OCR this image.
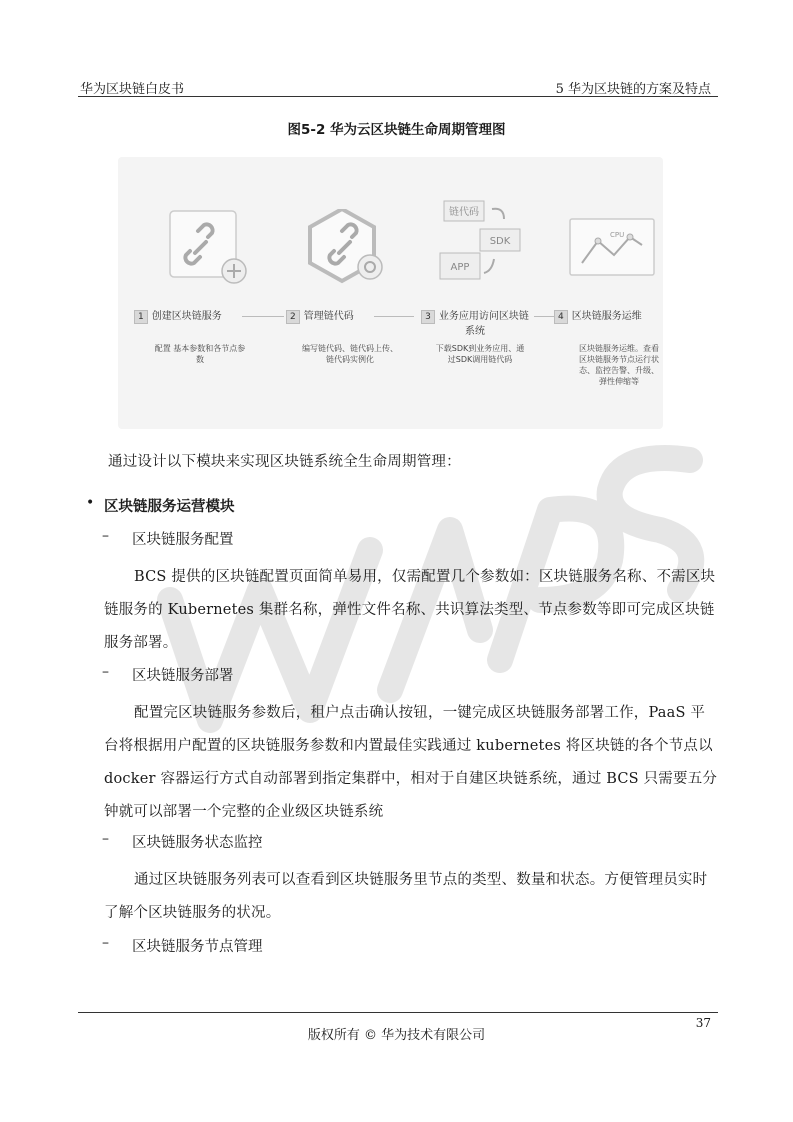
华为区块链白皮书	5 华为区块链的方案及特点
图5-2 华为云区块链生命周期管理图
1 创建区块链服务
配置 基本参数和各节点参数
2 管理链代码
编写链代码、链代码上传、链代码实例化
链代码
SDK
APP
3 业务应用访问区块链系统
下载SDK到业务应用、通过SDK调用链代码
CPU
4 区块链服务运维
区块链服务运维。查看区块链服务节点运行状态、监控告警、升级、弹性伸缩等
通过设计以下模块来实现区块链系统全生命周期管理：
• 区块链服务运营模块
– 区块链服务配置
BCS 提供的区块链配置页面简单易用，仅需配置几个参数如：区块链服务名称、不需区块链服务的 Kubernetes 集群名称，弹性文件名称、共识算法类型、节点参数等即可完成区块链服务部署。
– 区块链服务部署
配置完区块链服务参数后，租户点击确认按钮，一键完成区块链服务部署工作，PaaS 平台将根据用户配置的区块链服务参数和内置最佳实践通过 kubernetes 将区块链的各个节点以 docker 容器运行方式自动部署到指定集群中，相对于自建区块链系统，通过 BCS 只需要五分钟就可以部署一个完整的企业级区块链系统
– 区块链服务状态监控
通过区块链服务列表可以查看到区块链服务里节点的类型、数量和状态。方便管理员实时了解个区块链服务的状况。
– 区块链服务节点管理
37
版权所有 © 华为技术有限公司
